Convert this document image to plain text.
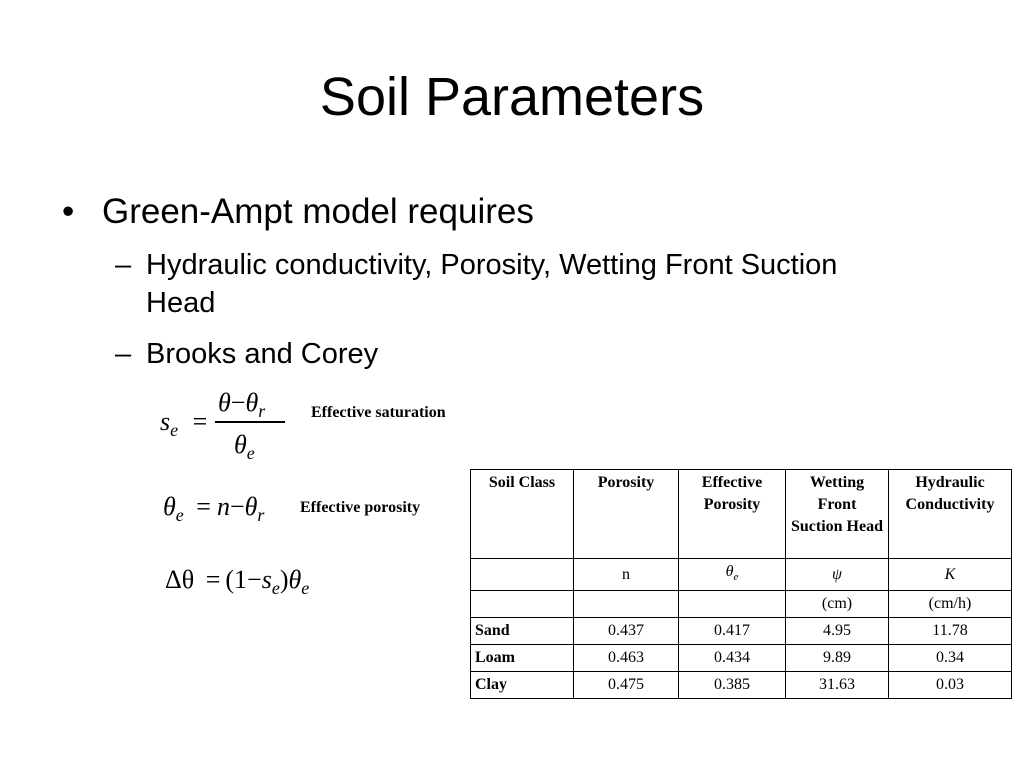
Soil Parameters
• Green-Ampt model requires
– Hydraulic conductivity, Porosity, Wetting Front Suction Head
– Brooks and Corey
$s_e$ =
$\theta-\theta_r$
$\theta_e$
Effective saturation
$\theta_e = n-\theta_r$ Effective porosity
$\Delta\theta = (1-s_e)\theta_e$
Soil Class	Porosity	Effective Porosity	Wetting Front Suction Head	Hydraulic Conductivity
	n	$\theta_e$	ψ	K
			(cm)	(cm/h)
Sand	0.437	0.417	4.95	11.78
Loam	0.463	0.434	9.89	0.34
Clay	0.475	0.385	31.63	0.03
